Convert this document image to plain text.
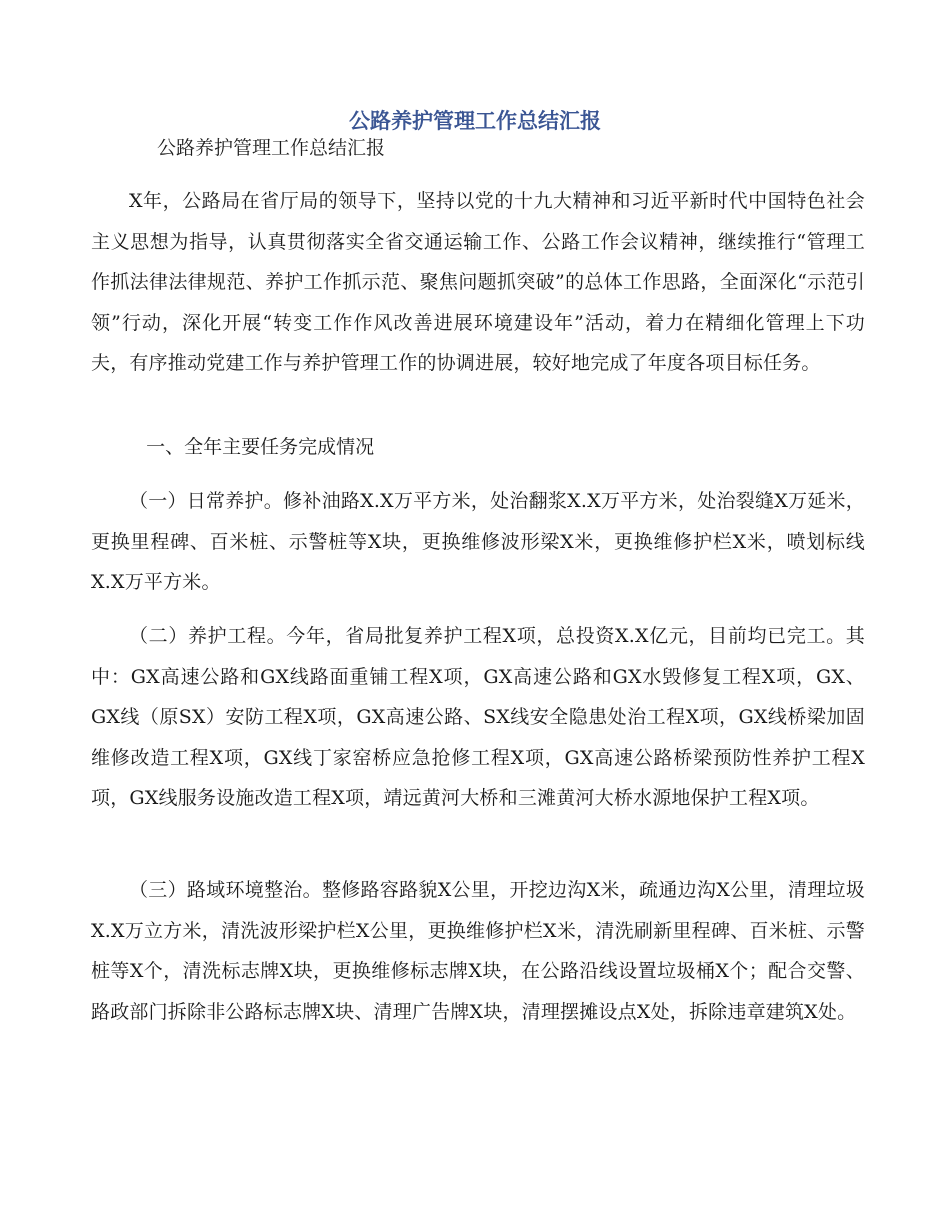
公路养护管理工作总结汇报

公路养护管理工作总结汇报

X年，公路局在省厅局的领导下，坚持以党的十九大精神和习近平新时代中国特色社会主义思想为指导，认真贯彻落实全省交通运输工作、公路工作会议精神，继续推行“管理工作抓法律法律规范、养护工作抓示范、聚焦问题抓突破”的总体工作思路，全面深化“示范引领”行动，深化开展“转变工作作风改善进展环境建设年”活动，着力在精细化管理上下功夫，有序推动党建工作与养护管理工作的协调进展，较好地完成了年度各项目标任务。

一、全年主要任务完成情况

（一）日常养护。修补油路X.X万平方米，处治翻浆X.X万平方米，处治裂缝X万延米，更换里程碑、百米桩、示警桩等X块，更换维修波形梁X米，更换维修护栏X米，喷划标线X.X万平方米。

（二）养护工程。今年，省局批复养护工程X项，总投资X.X亿元，目前均已完工。其中：GX高速公路和GX线路面重铺工程X项，GX高速公路和GX水毁修复工程X项，GX、GX线（原SX）安防工程X项，GX高速公路、SX线安全隐患处治工程X项，GX线桥梁加固维修改造工程X项，GX线丁家窑桥应急抢修工程X项，GX高速公路桥梁预防性养护工程X项，GX线服务设施改造工程X项，靖远黄河大桥和三滩黄河大桥水源地保护工程X项。

（三）路域环境整治。整修路容路貌X公里，开挖边沟X米，疏通边沟X公里，清理垃圾X.X万立方米，清洗波形梁护栏X公里，更换维修护栏X米，清洗刷新里程碑、百米桩、示警桩等X个，清洗标志牌X块，更换维修标志牌X块，在公路沿线设置垃圾桶X个；配合交警、路政部门拆除非公路标志牌X块、清理广告牌X块，清理摆摊设点X处，拆除违章建筑X处。
